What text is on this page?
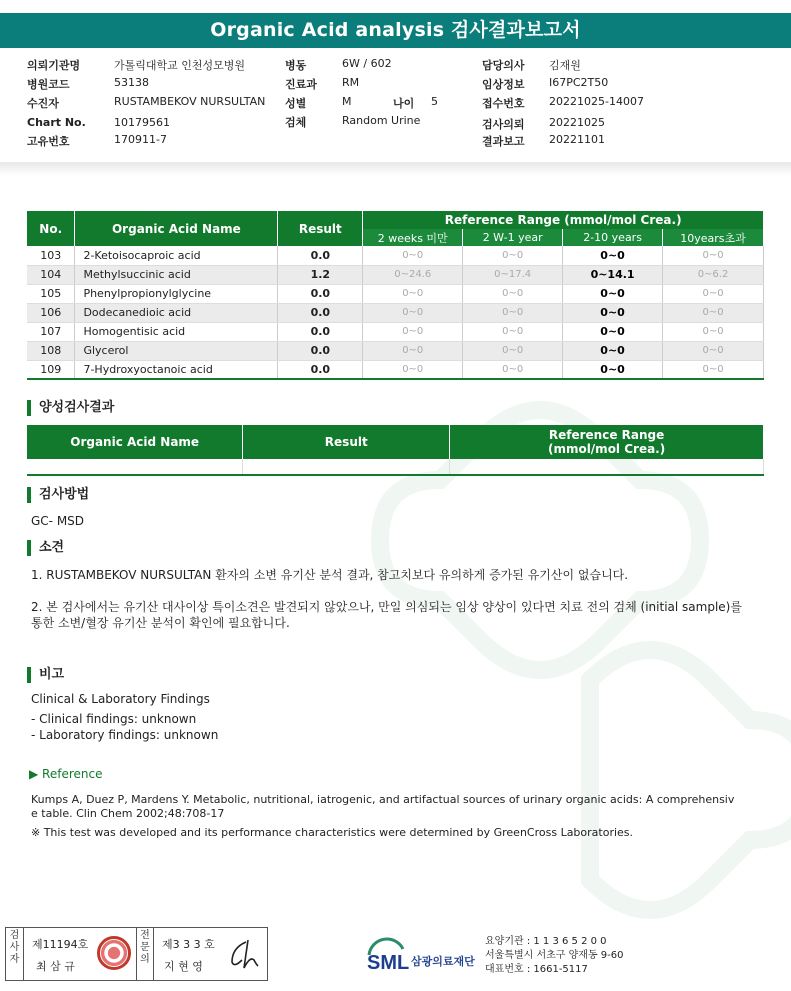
Organic Acid analysis 검사결과보고서
의뢰기관명	가톨릭대학교 인천성모병원
병원코드	53138
수진자	RUSTAMBEKOV NURSULTAN
Chart No.	10179561
고유번호	170911-7
병동	6W / 602
진료과 RM
성별	M	나이 5
검체	Random Urine
담당의사 김재원
임상정보 I67PC2T50
접수번호 20221025-14007
검사의뢰 20221025
결과보고 20221101
No.	Organic Acid Name	Result	Reference Range (mmol/mol Crea.)			
			2 weeks 미만	2 W-1 year	2-10 years	10years초과
103	2-Ketoisocaproic acid	0.0	0~0	0~0	0~0	0~0
104	Methylsuccinic acid	1.2	0~24.6	0~17.4	0~14.1	0~6.2
105	Phenylpropionylglycine	0.0	0~0	0~0	0~0	0~0
106	Dodecanedioic acid	0.0	0~0	0~0	0~0	0~0
107	Homogentisic acid	0.0	0~0	0~0	0~0	0~0
108	Glycerol	0.0	0~0	0~0	0~0	0~0
109	7-Hydroxyoctanoic acid	0.0	0~0	0~0	0~0	0~0
양성검사결과
Organic Acid Name	Result	Reference Range
(mmol/mol Crea.)

검사방법
GC- MSD
소견
1. RUSTAMBEKOV NURSULTAN 환자의 소변 유기산 분석 결과, 참고치보다 유의하게 증가된 유기산이 없습니다.
2. 본 검사에서는 유기산 대사이상 특이소견은 발견되지 않았으나, 만일 의심되는 임상 양상이 있다면 치료 전의 검체 (initial sample)를
통한 소변/혈장 유기산 분석이 확인에 필요합니다.
비고
Clinical & Laboratory Findings
- Clinical findings: unknown
- Laboratory findings: unknown
▶ Reference
Kumps A, Duez P, Mardens Y. Metabolic, nutritional, iatrogenic, and artifactual sources of urinary organic acids: A comprehensiv
e table. Clin Chem 2002;48:708-17
※ This test was developed and its performance characteristics were determined by GreenCross Laboratories.
검사자
제11194호
최 삼 규
전문의
제3 3 3 호
지 현 영	SML 삼광의료재단
요양기관 : 1 1 3 6 5 2 0 0
서울특별시 서초구 양재동 9-60
대표번호 : 1661-5117
